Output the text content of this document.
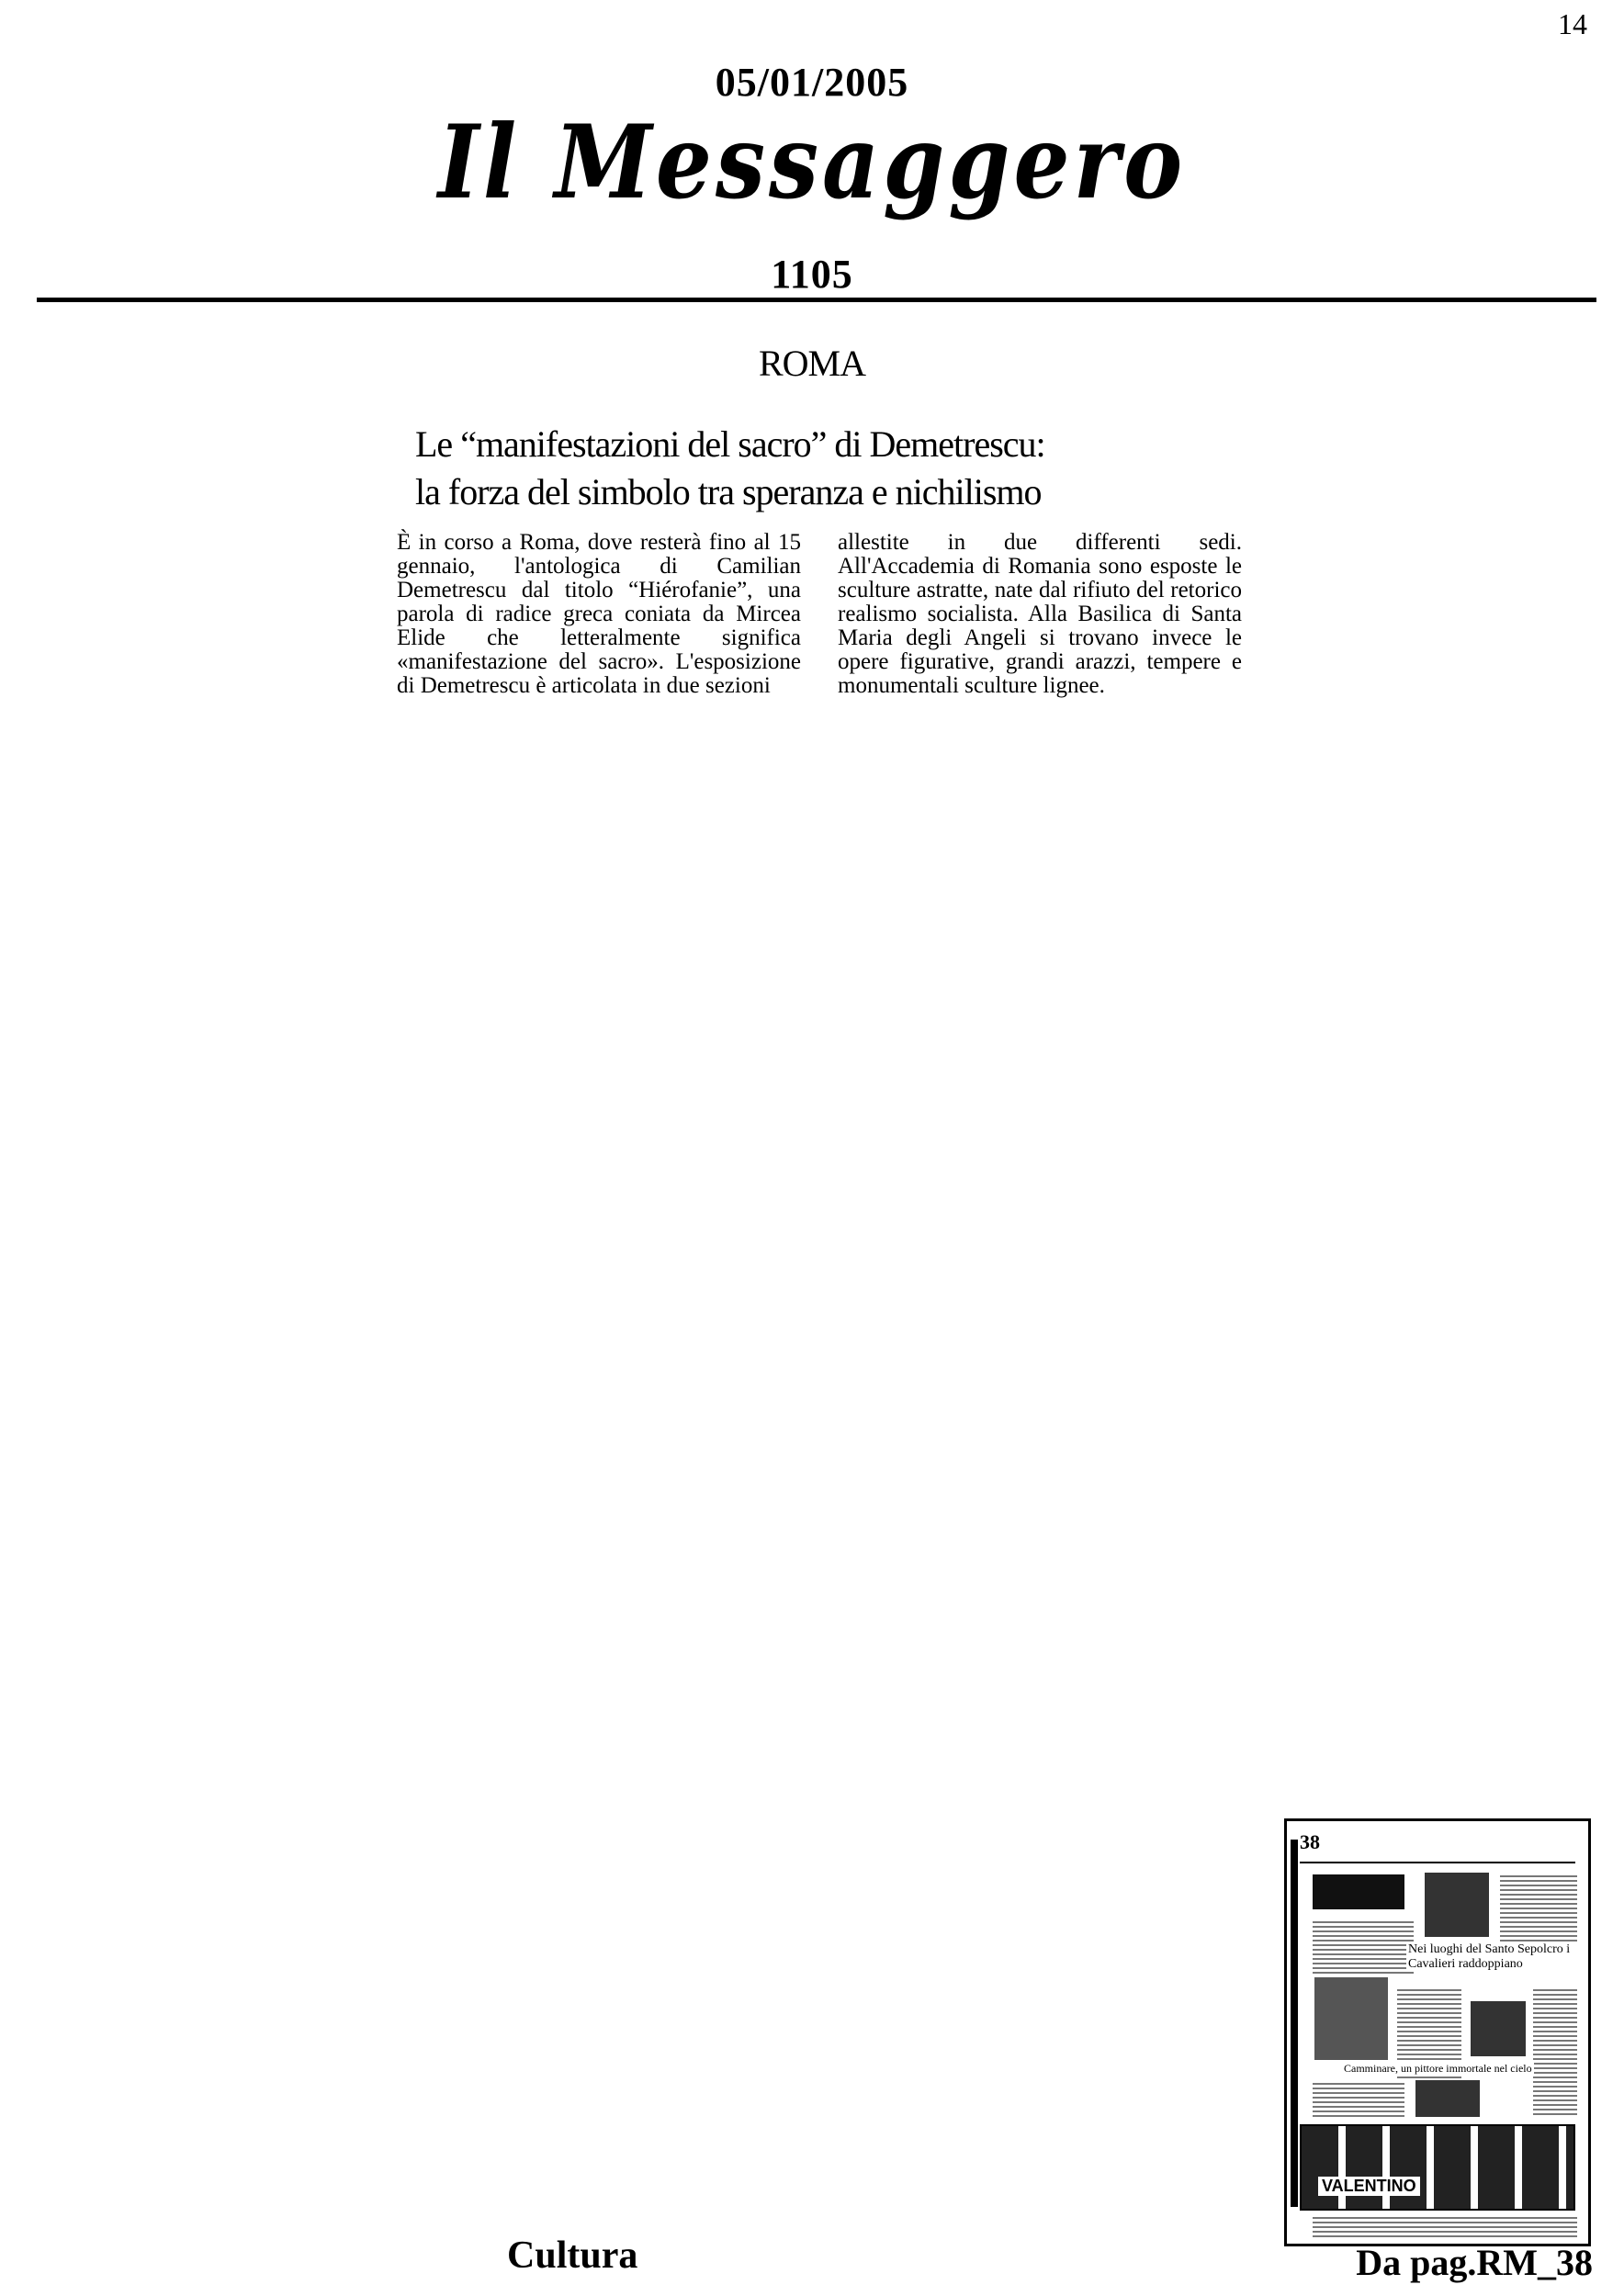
14
05/01/2005
Il Messaggero
1105
ROMA
Le “manifestazioni del sacro” di Demetrescu:
la forza del simbolo tra speranza e nichilismo
È in corso a Roma, dove resterà fino al 15 gennaio, l'antologica di Camilian Demetrescu dal titolo “Hiérofanie”, una parola di radice greca coniata da Mircea Elide che letteralmente significa «manifestazione del sacro». L'esposizione di Demetrescu è articolata in due sezioni
allestite in due differenti sedi. All'Accademia di Romania sono esposte le sculture astratte, nate dal rifiuto del retorico realismo socialista. Alla Basilica di Santa Maria degli Angeli si trovano invece le opere figurative, grandi arazzi, tempere e monumentali sculture lignee.
38
Nei luoghi del Santo Sepolcro i Cavalieri raddoppiano
Camminare, un pittore immortale nel cielo
VALENTINO
Cultura	Da pag.RM_38
